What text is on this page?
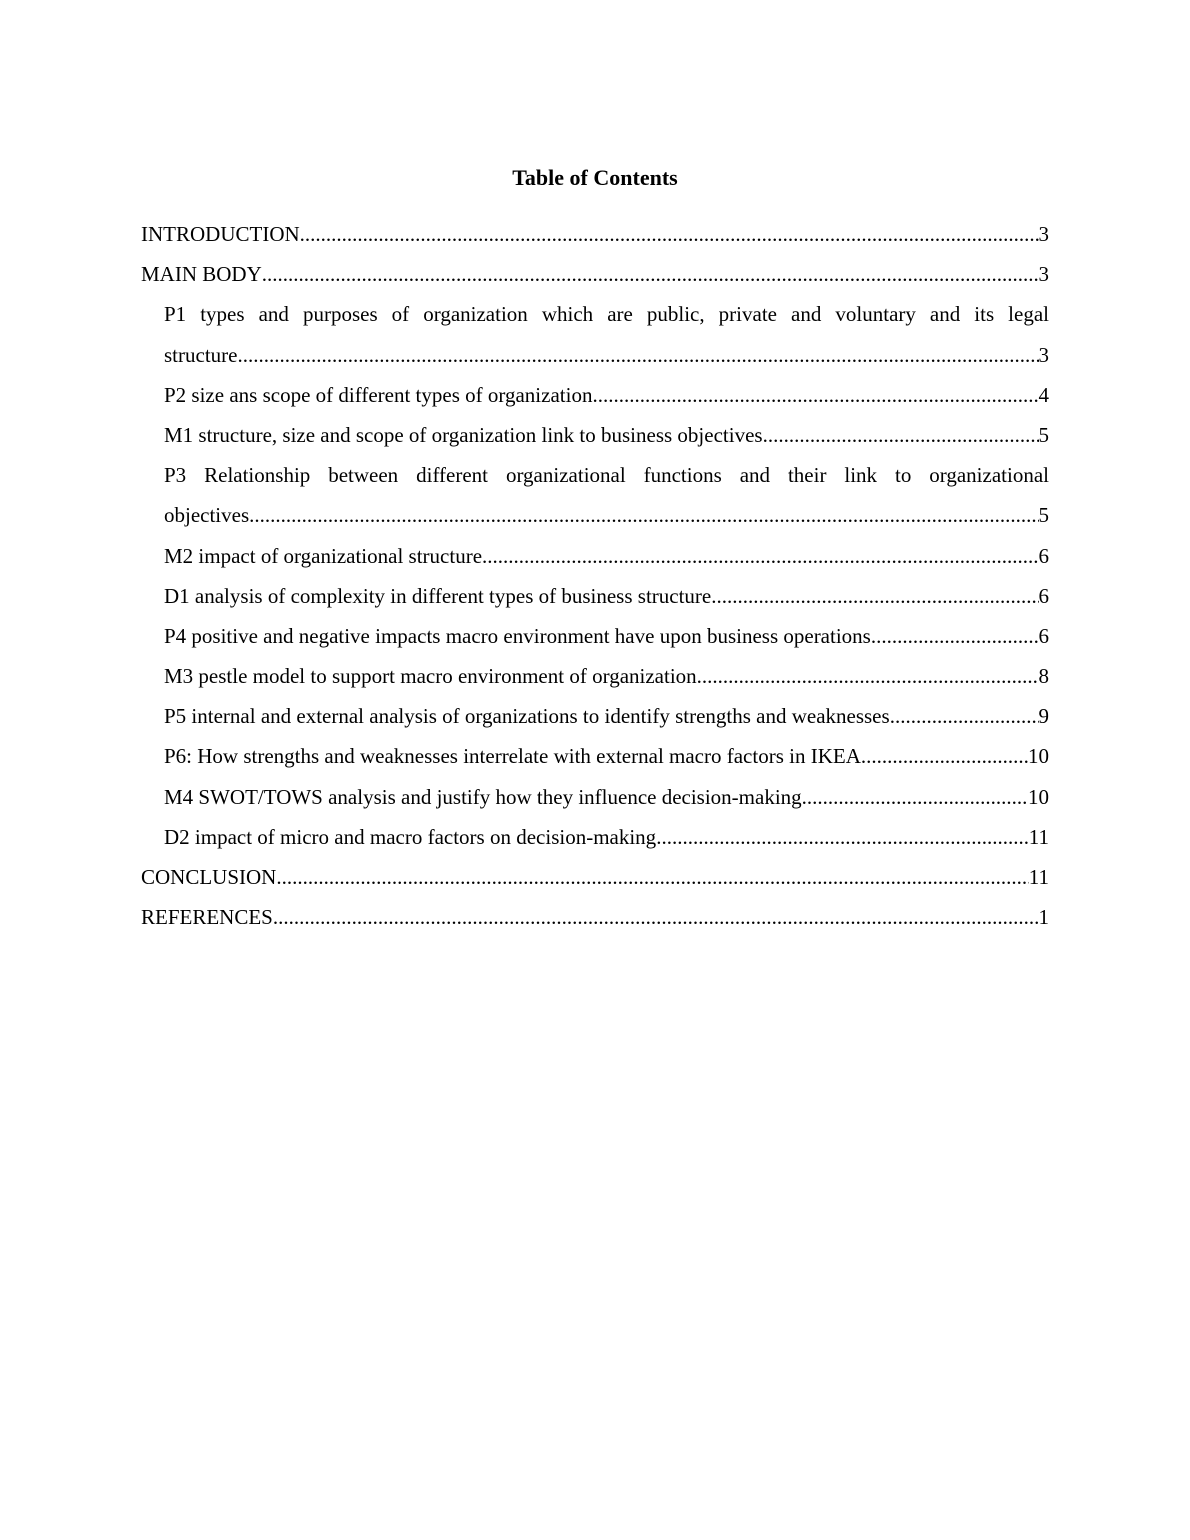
Table of Contents
INTRODUCTION .....	3
MAIN BODY .....	3
P1 types and purposes of organization which are public, private and voluntary and its legal
structure .....	3
P2 size ans scope of different types of organization .....	4
M1 structure, size and scope of organization link to business objectives .....	5
P3 Relationship between different organizational functions and their link to organizational
objectives .....	5
M2 impact of organizational structure .....	6
D1 analysis of complexity in different types of business structure .....	6
P4 positive and negative impacts macro environment have upon business operations .....	6
M3 pestle model to support macro environment of organization .....	8
P5 internal and external analysis of organizations to identify strengths and weaknesses .....	9
P6: How strengths and weaknesses interrelate with external macro factors in IKEA .....	10
M4 SWOT/TOWS analysis and justify how they influence decision-making .....	10
D2 impact of micro and macro factors on decision-making .....	11
CONCLUSION .....	11
REFERENCES .....	1
